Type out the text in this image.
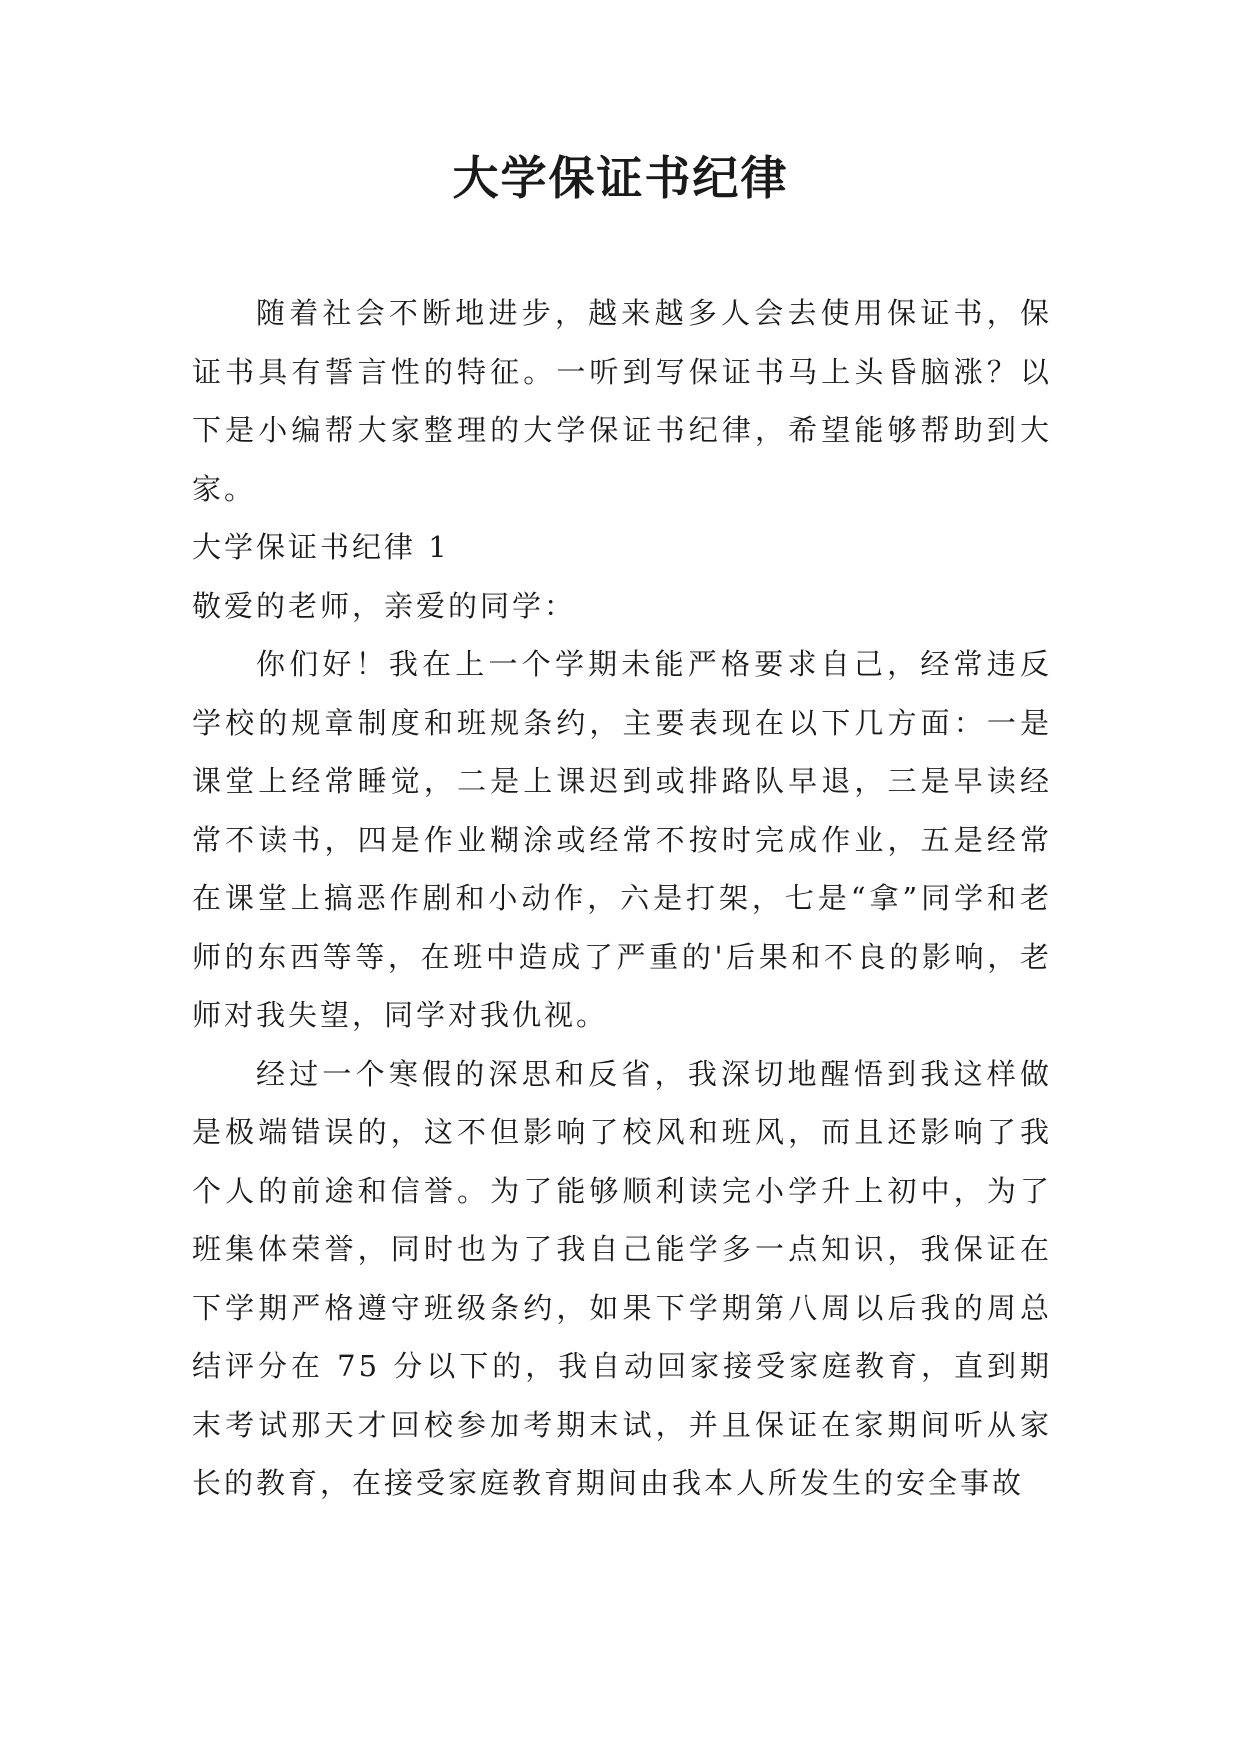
大学保证书纪律

随着社会不断地进步，越来越多人会去使用保证书，保证书具有誓言性的特征。一听到写保证书马上头昏脑涨？以下是小编帮大家整理的大学保证书纪律，希望能够帮助到大家。

大学保证书纪律 1

敬爱的老师，亲爱的同学：

你们好！我在上一个学期未能严格要求自己，经常违反学校的规章制度和班规条约，主要表现在以下几方面：一是课堂上经常睡觉，二是上课迟到或排路队早退，三是早读经常不读书，四是作业糊涂或经常不按时完成作业，五是经常在课堂上搞恶作剧和小动作，六是打架，七是“拿”同学和老师的东西等等，在班中造成了严重的'后果和不良的影响，老师对我失望，同学对我仇视。

经过一个寒假的深思和反省，我深切地醒悟到我这样做是极端错误的，这不但影响了校风和班风，而且还影响了我个人的前途和信誉。为了能够顺利读完小学升上初中，为了班集体荣誉，同时也为了我自己能学多一点知识，我保证在下学期严格遵守班级条约，如果下学期第八周以后我的周总结评分在 75 分以下的，我自动回家接受家庭教育，直到期末考试那天才回校参加考期末试，并且保证在家期间听从家长的教育，在接受家庭教育期间由我本人所发生的安全事故
